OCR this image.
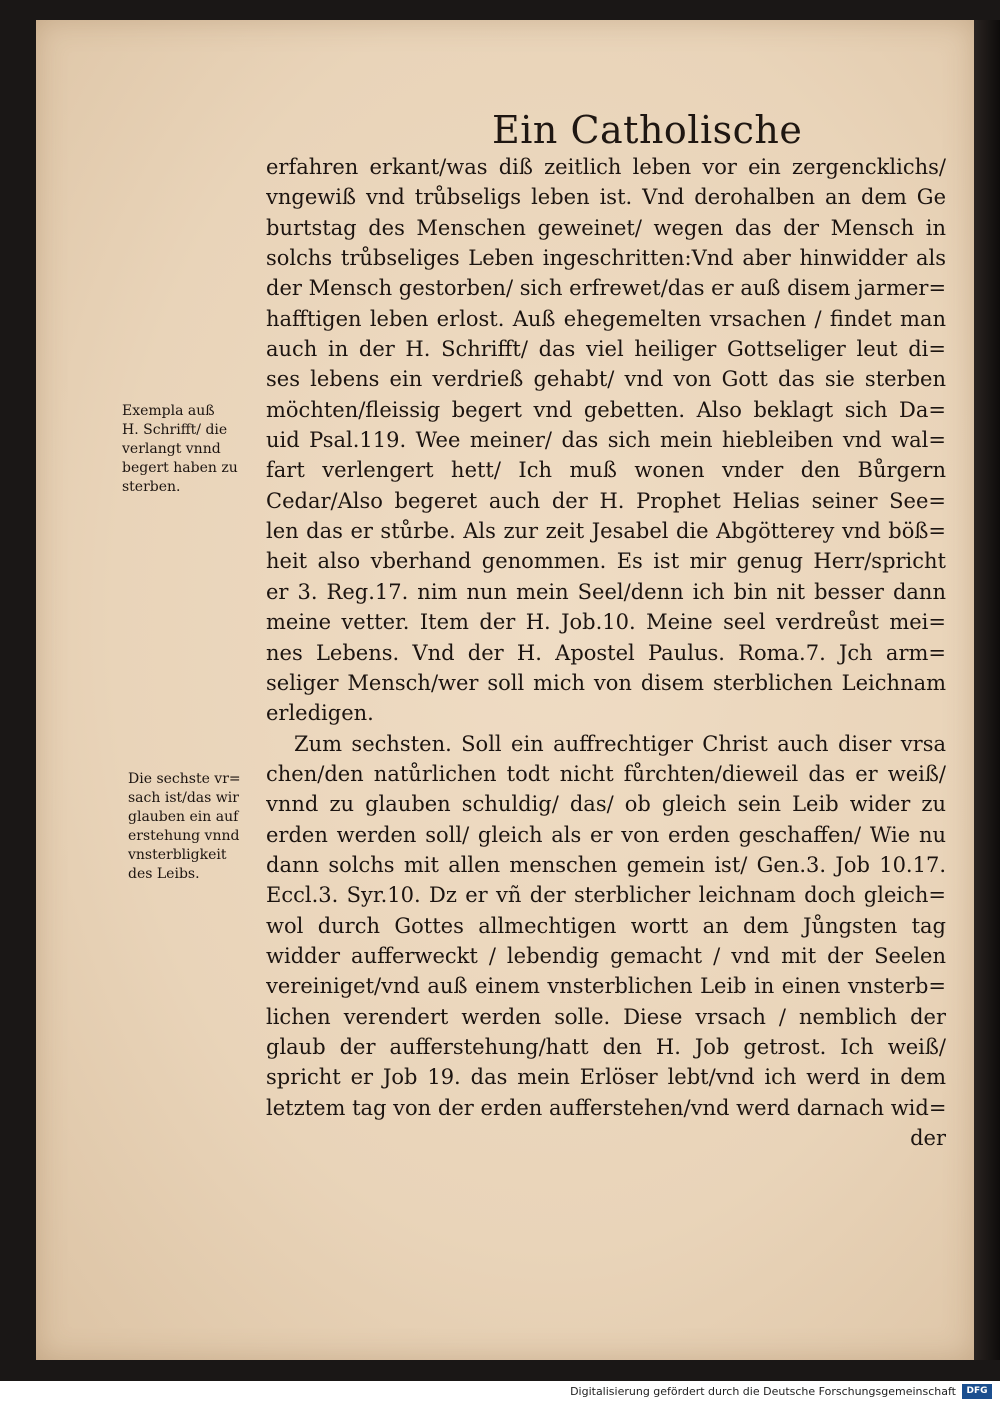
Ein Catholische
erfahren erkant/was diß zeitlich leben vor ein zergencklichs/
vngewiß vnd trůbseligs leben ist. Vnd derohalben an dem Ge
burtstag des Menschen geweinet/ wegen das der Mensch in
solchs trůbseliges Leben ingeschritten:Vnd aber hinwidder als
der Mensch gestorben/ sich erfrewet/das er auß disem jarmer=
hafftigen leben erlost. Auß ehegemelten vrsachen / findet man
auch in der H. Schrifft/ das viel heiliger Gottseliger leut di=
ses lebens ein verdrieß gehabt/ vnd von Gott das sie sterben
möchten/fleissig begert vnd gebetten. Also beklagt sich Da=
uid Psal.119. Wee meiner/ das sich mein hiebleiben vnd wal=
fart verlengert hett/ Ich muß wonen vnder den Bůrgern
Cedar/Also begeret auch der H. Prophet Helias seiner See=
len das er stůrbe. Als zur zeit Jesabel die Abgötterey vnd böß=
heit also vberhand genommen. Es ist mir genug Herr/spricht
er 3. Reg.17. nim nun mein Seel/denn ich bin nit besser dann
meine vetter. Item der H. Job.10. Meine seel verdreůst mei=
nes Lebens. Vnd der H. Apostel Paulus. Roma.7. Jch arm=
seliger Mensch/wer soll mich von disem sterblichen Leichnam
erledigen.
Zum sechsten. Soll ein auffrechtiger Christ auch diser vrsa
chen/den natůrlichen todt nicht fůrchten/dieweil das er weiß/
vnnd zu glauben schuldig/ das/ ob gleich sein Leib wider zu
erden werden soll/ gleich als er von erden geschaffen/ Wie nu
dann solchs mit allen menschen gemein ist/ Gen.3. Job 10.17.
Eccl.3. Syr.10. Dz er vñ der sterblicher leichnam doch gleich=
wol durch Gottes allmechtigen wortt an dem Jůngsten tag
widder aufferweckt / lebendig gemacht / vnd mit der Seelen
vereiniget/vnd auß einem vnsterblichen Leib in einen vnsterb=
lichen verendert werden solle. Diese vrsach / nemblich der
glaub der aufferstehung/hatt den H. Job getrost. Ich weiß/
spricht er Job 19. das mein Erlöser lebt/vnd ich werd in dem
letztem tag von der erden aufferstehen/vnd werd darnach wid=
der
Exempla auß
H. Schrifft/ die
verlangt vnnd
begert haben zu
sterben.
Die sechste vr=
sach ist/das wir
glauben ein auf
erstehung vnnd
vnsterbligkeit
des Leibs.
Digitalisierung gefördert durch die Deutsche Forschungsgemeinschaft	DFG
